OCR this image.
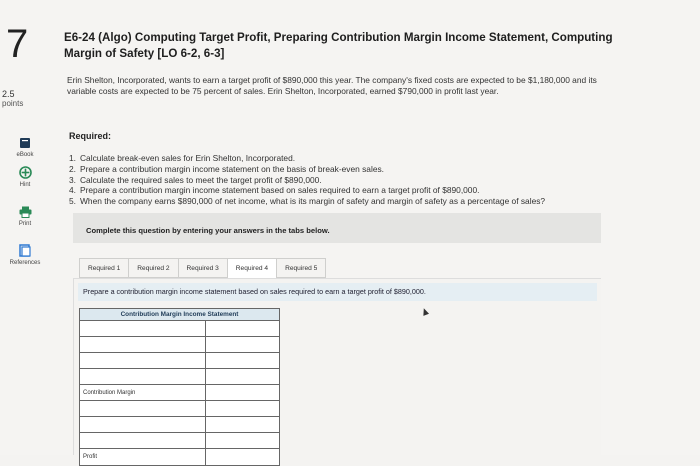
7
2.5
points
eBook
Hint
Print
References
E6-24 (Algo) Computing Target Profit, Preparing Contribution Margin Income Statement, Computing Margin of Safety [LO 6-2, 6-3]
Erin Shelton, Incorporated, wants to earn a target profit of $890,000 this year. The company's fixed costs are expected to be $1,180,000 and its variable costs are expected to be 75 percent of sales. Erin Shelton, Incorporated, earned $790,000 in profit last year.
Required:
1. Calculate break-even sales for Erin Shelton, Incorporated.
2. Prepare a contribution margin income statement on the basis of break-even sales.
3. Calculate the required sales to meet the target profit of $890,000.
4. Prepare a contribution margin income statement based on sales required to earn a target profit of $890,000.
5. When the company earns $890,000 of net income, what is its margin of safety and margin of safety as a percentage of sales?
Complete this question by entering your answers in the tabs below.
Required 1	Required 2	Required 3	Required 4	Required 5
Prepare a contribution margin income statement based on sales required to earn a target profit of $890,000.
Contribution Margin Income Statement
Contribution Margin
Profit
